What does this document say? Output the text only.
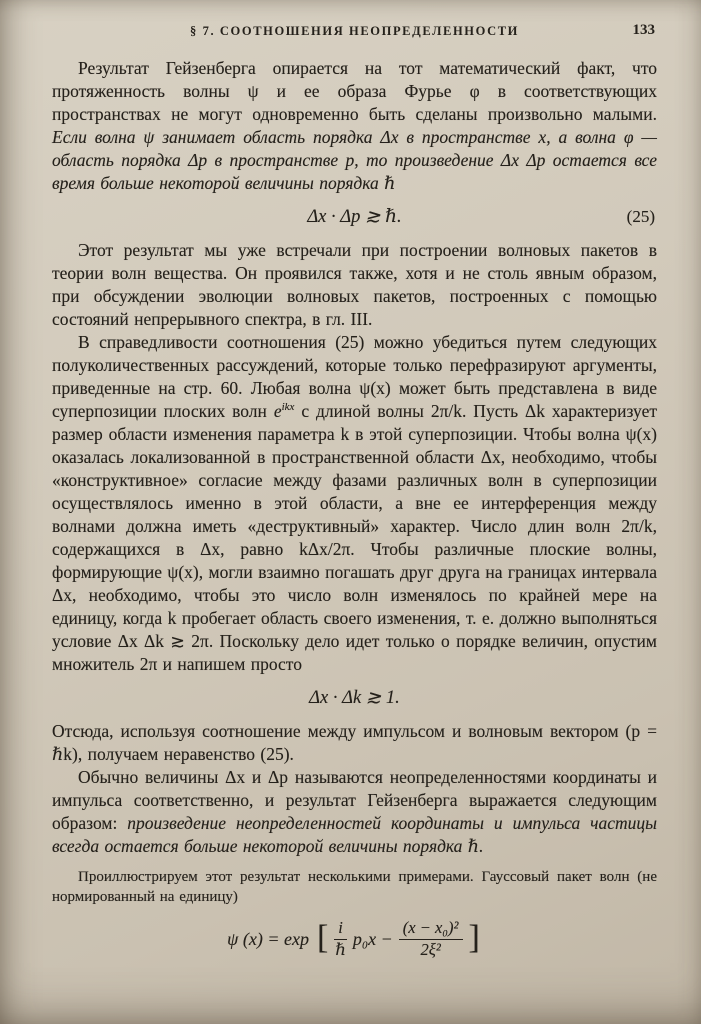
§ 7. СООТНОШЕНИЯ НЕОПРЕДЕЛЕННОСТИ	133

Результат Гейзенберга опирается на тот математический факт, что протяженность волны ψ и ее образа Фурье φ в соответствующих пространствах не могут одновременно быть сделаны произвольно малыми. Если волна ψ занимает область порядка Δx в пространстве x, а волна φ — область порядка Δp в пространстве p, то произведение Δx Δp остается все время больше некоторой величины порядка ℏ

Δx · Δp ≳ ℏ.	(25)

Этот результат мы уже встречали при построении волновых пакетов в теории волн вещества. Он проявился также, хотя и не столь явным образом, при обсуждении эволюции волновых пакетов, построенных с помощью состояний непрерывного спектра, в гл. III.

В справедливости соотношения (25) можно убедиться путем следующих полуколичественных рассуждений, которые только перефразируют аргументы, приведенные на стр. 60. Любая волна ψ(x) может быть представлена в виде суперпозиции плоских волн $e^{ikx}$ с длиной волны 2π/k. Пусть Δk характеризует размер области изменения параметра k в этой суперпозиции. Чтобы волна ψ(x) оказалась локализованной в пространственной области Δx, необходимо, чтобы «конструктивное» согласие между фазами различных волн в суперпозиции осуществлялось именно в этой области, а вне ее интерференция между волнами должна иметь «деструктивный» характер. Число длин волн 2π/k, содержащихся в Δx, равно kΔx/2π. Чтобы различные плоские волны, формирующие ψ(x), могли взаимно погашать друг друга на границах интервала Δx, необходимо, чтобы это число волн изменялось по крайней мере на единицу, когда k пробегает область своего изменения, т. е. должно выполняться условие Δx Δk ≳ 2π. Поскольку дело идет только о порядке величин, опустим множитель 2π и напишем просто

Δx · Δk ≳ 1.

Отсюда, используя соотношение между импульсом и волновым вектором (p = ℏk), получаем неравенство (25).

Обычно величины Δx и Δp называются неопределенностями координаты и импульса соответственно, и результат Гейзенберга выражается следующим образом: произведение неопределенностей координаты и импульса частицы всегда остается больше некоторой величины порядка ℏ.

Проиллюстрируем этот результат несколькими примерами. Гауссовый пакет волн (не нормированный на единицу)

ψ (x) = exp [ $\frac{i}{\text{ℏ}} p_0x - \frac{\text{(x − x₀)²}}{\text{2ξ²}}$ ]
